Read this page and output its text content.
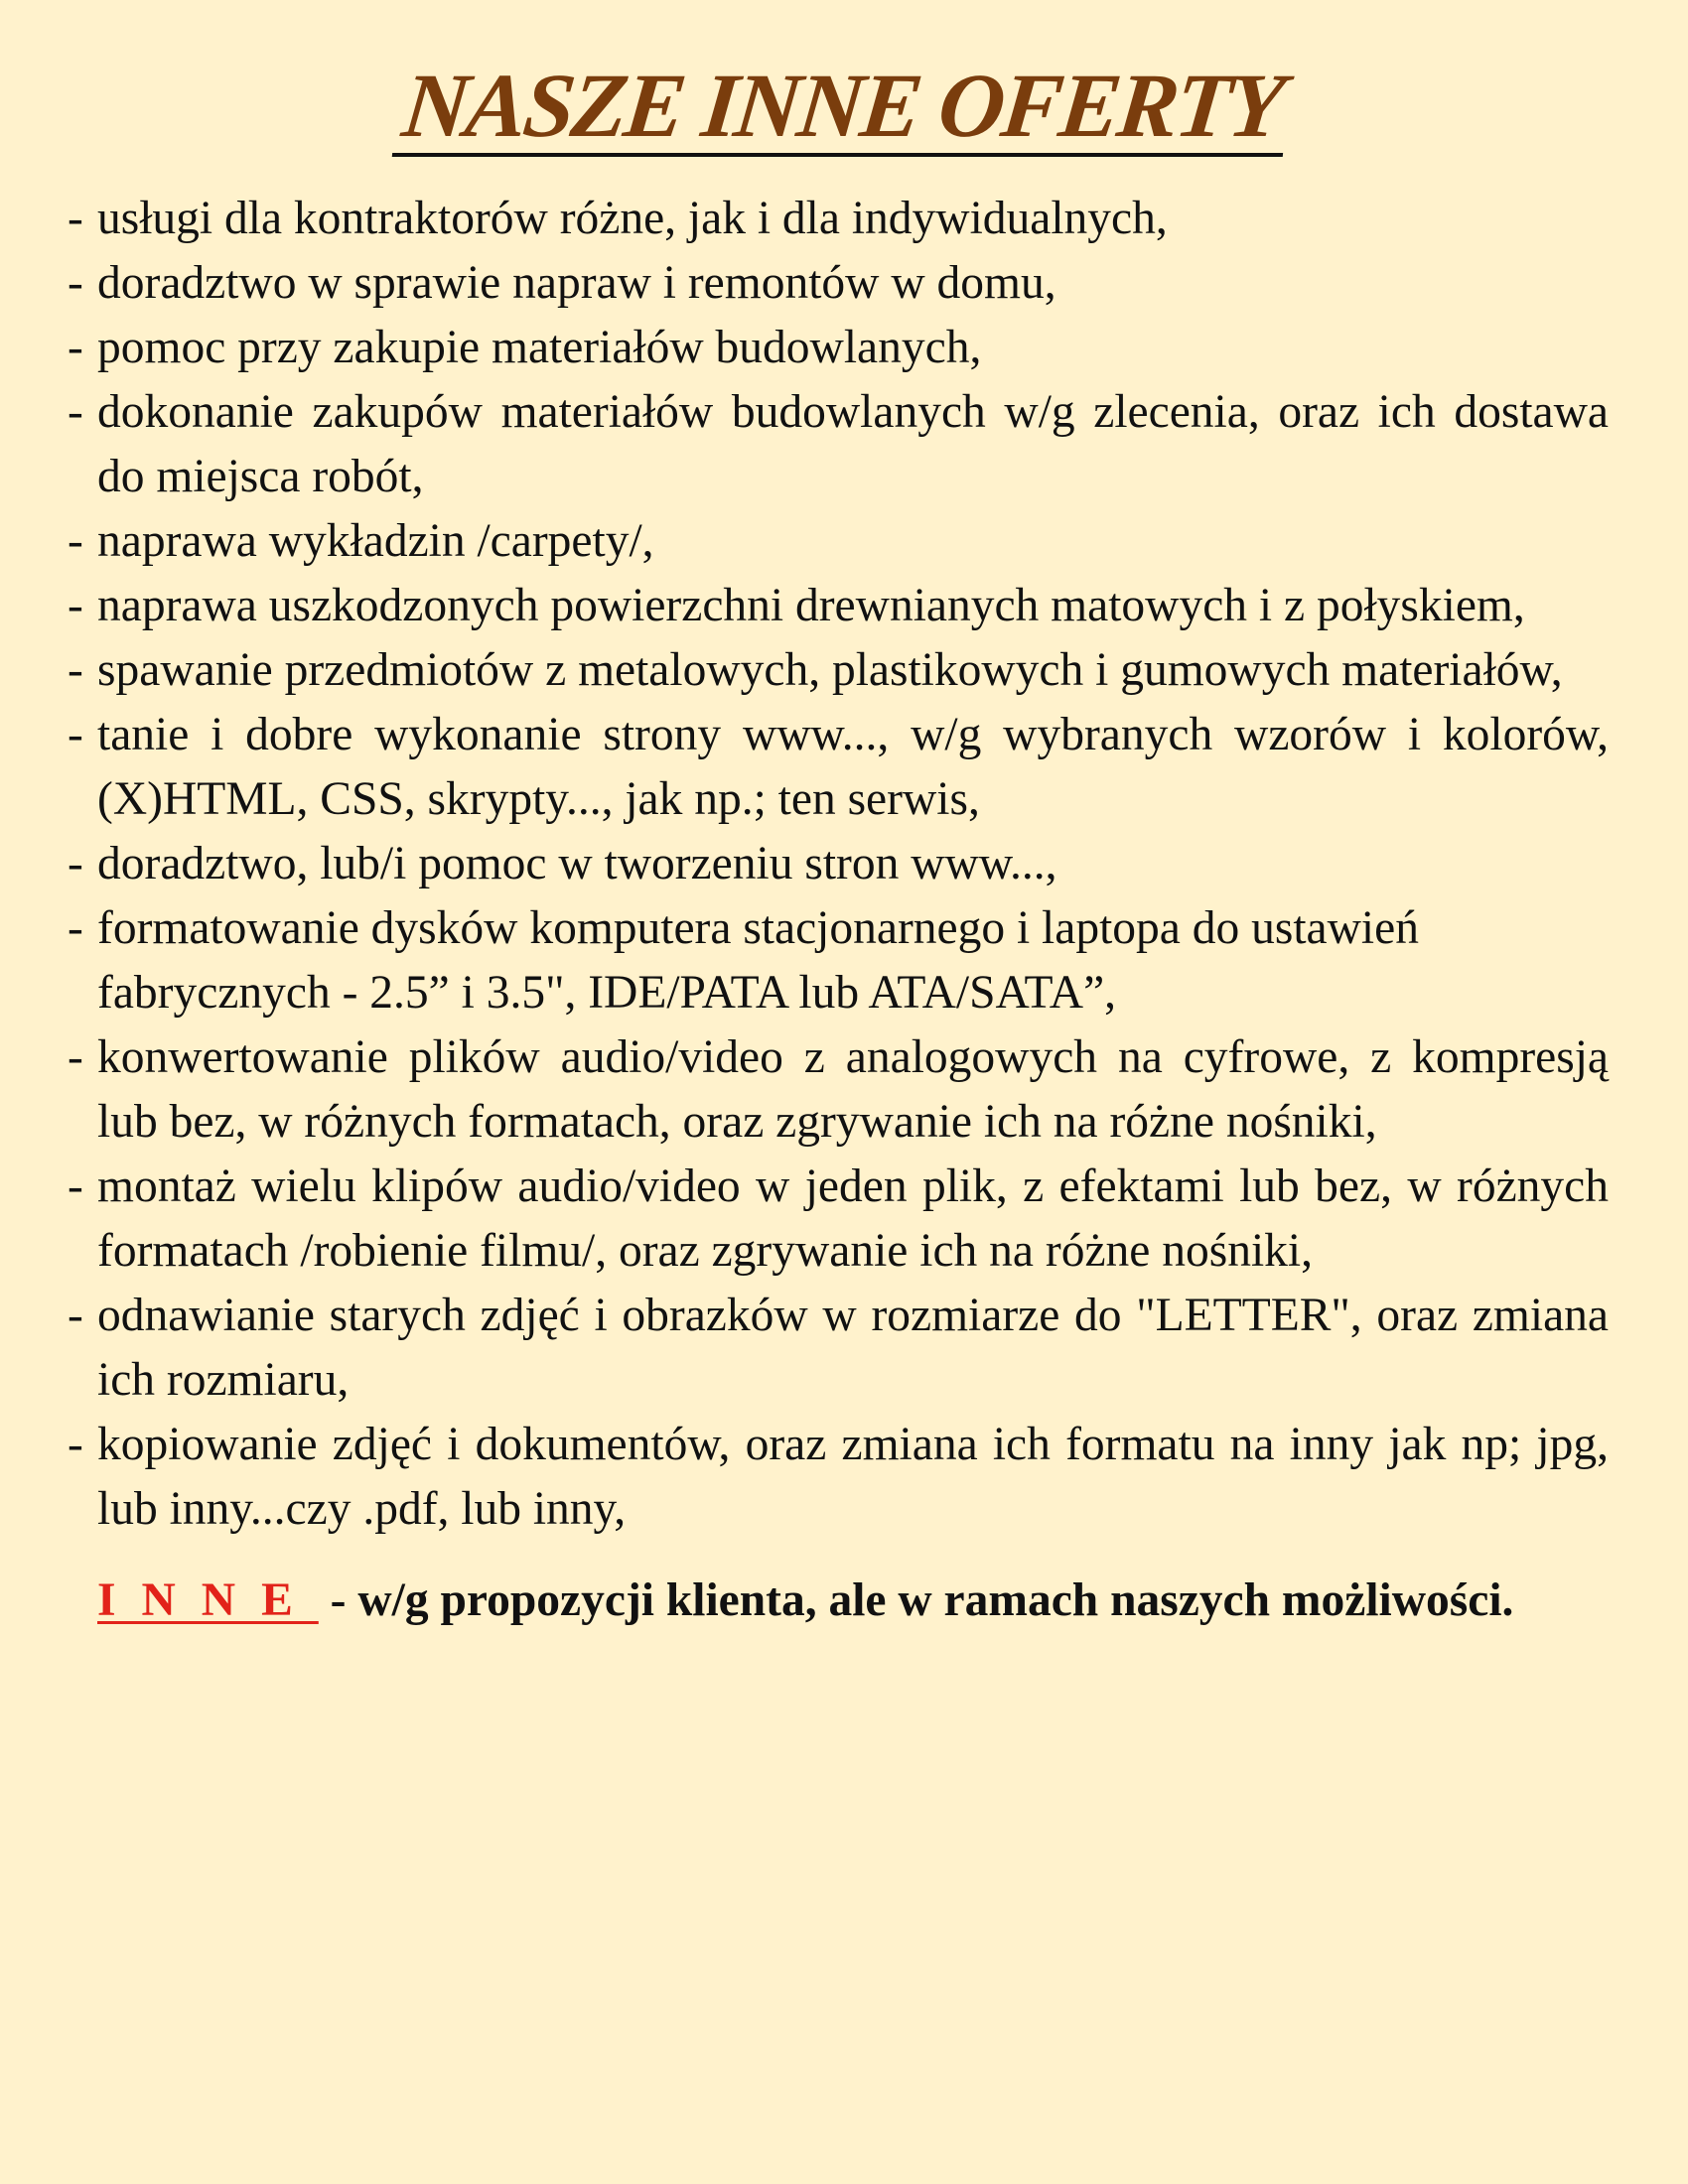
NASZE INNE OFERTY
- usługi dla kontraktorów różne, jak i dla indywidualnych,
- doradztwo w sprawie napraw i remontów w domu,
- pomoc przy zakupie materiałów budowlanych,
- dokonanie zakupów materiałów budowlanych w/g zlecenia, oraz ich dostawa do miejsca robót,
- naprawa wykładzin /carpety/,
- naprawa uszkodzonych powierzchni drewnianych matowych i z połyskiem,
- spawanie przedmiotów z metalowych, plastikowych i gumowych materiałów,
- tanie i dobre wykonanie strony www..., w/g wybranych wzorów i kolorów, (X)HTML, CSS, skrypty..., jak np.; ten serwis,
- doradztwo, lub/i pomoc w tworzeniu stron www...,
- formatowanie dysków komputera stacjonarnego i laptopa do ustawień fabrycznych - 2.5” i 3.5", IDE/PATA lub ATA/SATA”,
- konwertowanie plików audio/video z analogowych na cyfrowe, z kompresją lub bez, w różnych formatach, oraz zgrywanie ich na różne nośniki,
- montaż wielu klipów audio/video w jeden plik, z efektami lub bez, w różnych formatach /robienie filmu/, oraz zgrywanie ich na różne nośniki,
- odnawianie starych zdjęć i obrazków w rozmiarze do "LETTER", oraz zmiana ich rozmiaru,
- kopiowanie zdjęć i dokumentów, oraz zmiana ich formatu na inny jak np; jpg, lub inny...czy .pdf, lub inny,
INNE - w/g propozycji klienta, ale w ramach naszych możliwości.
